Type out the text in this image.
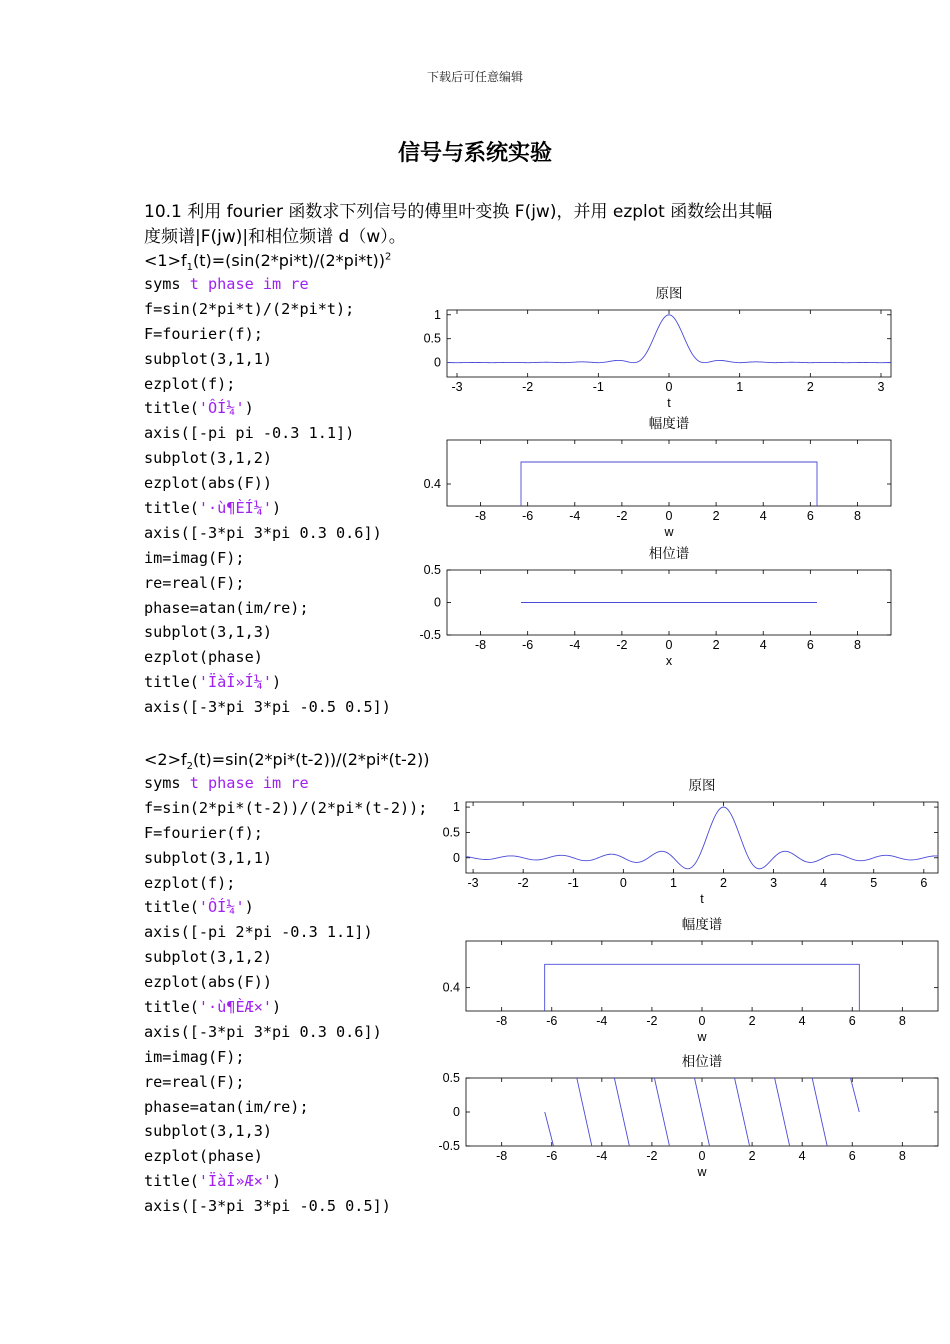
下载后可任意编辑
信号与系统实验
10.1 利用 fourier 函数求下列信号的傅里叶变换 F(jw)，并用 ezplot 函数绘出其幅
度频谱|F(jw)|和相位频谱 d（w）。
$<1>f_1(t)=(\sin(2*pi*t)/(2*pi*t))^2$
syms t phase im re
f=sin(2*pi*t)/(2*pi*t);
F=fourier(f);
subplot(3,1,1)
ezplot(f);
title('ÔÍ¼')
axis([-pi pi -0.3 1.1])
subplot(3,1,2)
ezplot(abs(F))
title('·ù¶ÈÍ¼')
axis([-3*pi 3*pi 0.3 0.6])
im=imag(F);
re=real(F);
phase=atan(im/re);
subplot(3,1,3)
ezplot(phase)
title('ÏàÎ»Í¼')
axis([-3*pi 3*pi -0.5 0.5])
$<2>f_2(t)=\sin(2*pi*(t-2))/(2*pi*(t-2))$
syms t phase im re
f=sin(2*pi*(t-2))/(2*pi*(t-2));
F=fourier(f);
subplot(3,1,1)
ezplot(f);
title('ÔÍ¼')
axis([-pi 2*pi -0.3 1.1])
subplot(3,1,2)
ezplot(abs(F))
title('·ù¶ÈÆ×')
axis([-3*pi 3*pi 0.3 0.6])
im=imag(F);
re=real(F);
phase=atan(im/re);
subplot(3,1,3)
ezplot(phase)
title('ÏàÎ»Æ×')
axis([-3*pi 3*pi -0.5 0.5])
原图
-3	-2	-1	0	1	2	3
0
0.5
1
t
幅度谱
-8	-6	-4	-2	0	2	4	6	8
0.4
w
相位谱
-8	-6	-4	-2	0	2	4	6	8
-0.5
0
0.5
x
原图
-3	-2	-1	0	1	2	3	4	5	6
0
0.5
1
t
幅度谱
-8	-6	-4	-2	0	2	4	6	8
0.4
w
相位谱
-8	-6	-4	-2	0	2	4	6	8
-0.5
0
0.5
w
